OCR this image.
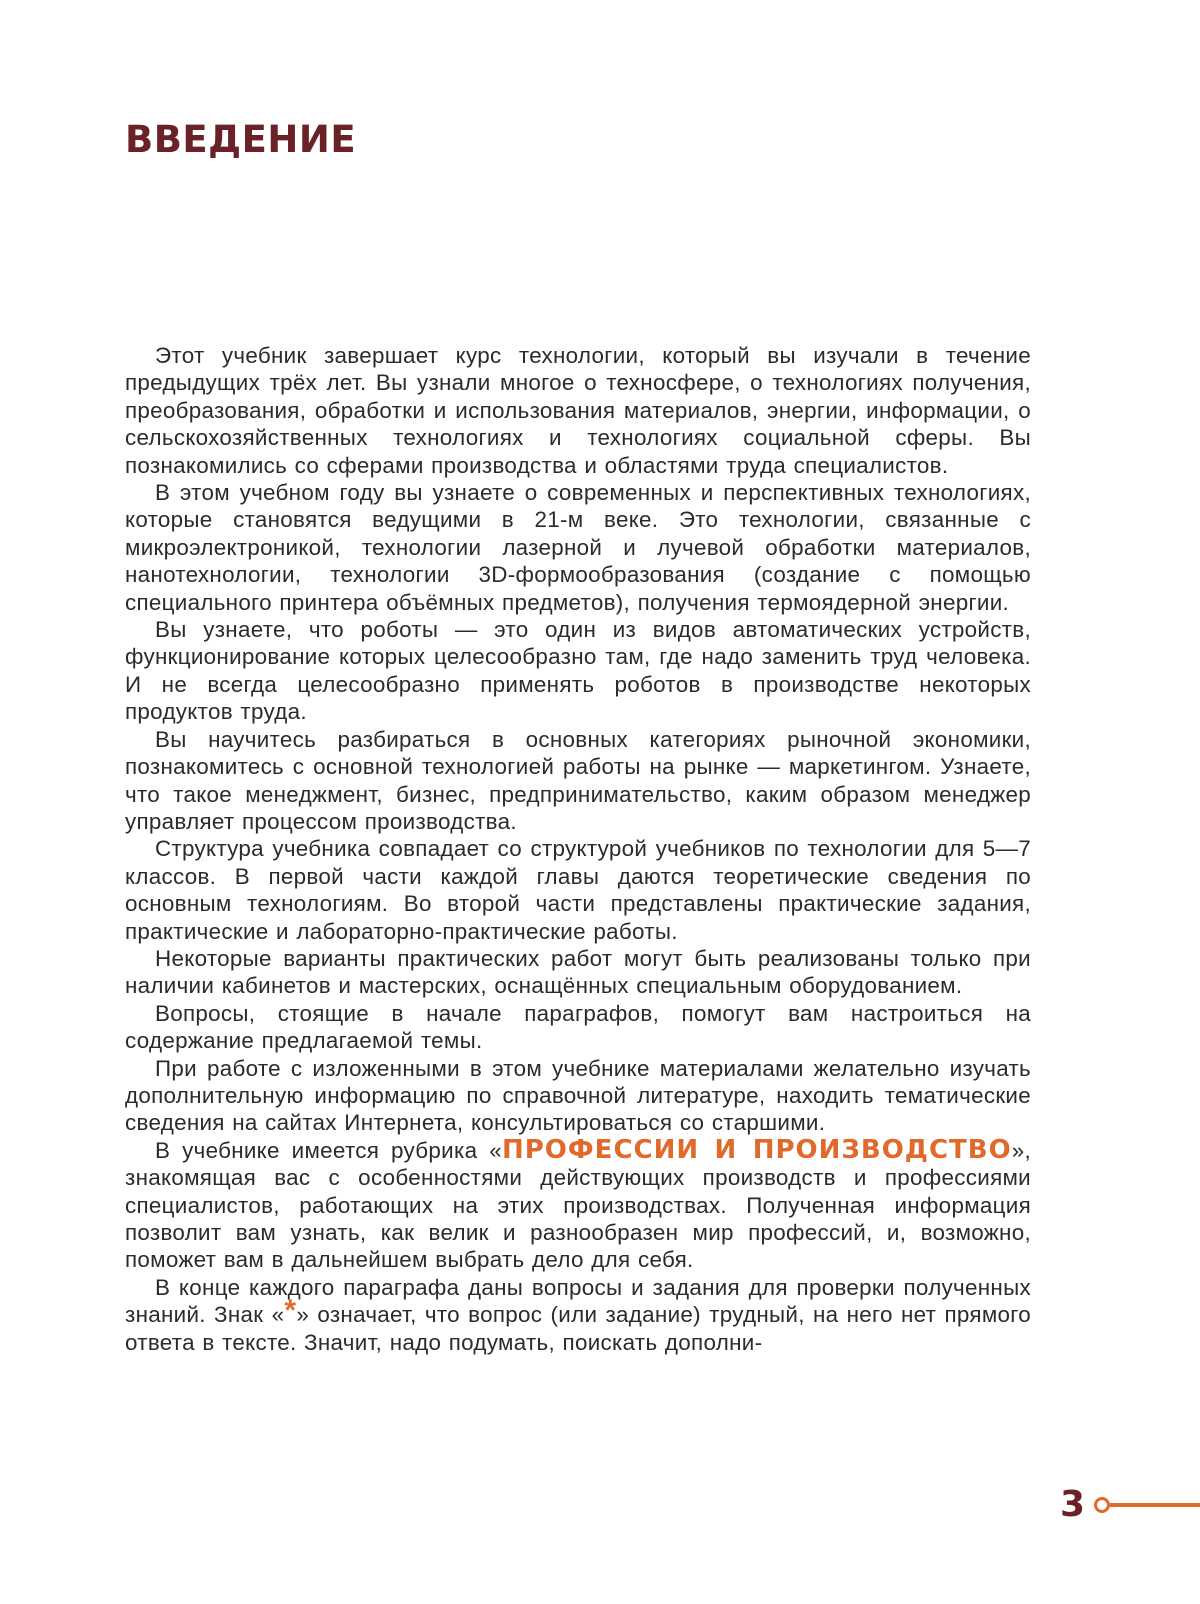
ВВЕДЕНИЕ

Этот учебник завершает курс технологии, который вы изучали в течение предыдущих трёх лет. Вы узнали многое о техносфере, о технологиях получения, преобразования, обработки и использования материалов, энергии, информации, о сельскохозяйственных технологиях и технологиях социальной сферы. Вы познакомились со сферами производства и областями труда специалистов.

В этом учебном году вы узнаете о современных и перспективных технологиях, которые становятся ведущими в 21-м веке. Это технологии, связанные с микроэлектроникой, технологии лазерной и лучевой обработки материалов, нанотехнологии, технологии 3D-формообразования (создание с помощью специального принтера объёмных предметов), получения термоядерной энергии.

Вы узнаете, что роботы — это один из видов автоматических устройств, функционирование которых целесообразно там, где надо заменить труд человека. И не всегда целесообразно применять роботов в производстве некоторых продуктов труда.

Вы научитесь разбираться в основных категориях рыночной экономики, познакомитесь с основной технологией работы на рынке — маркетингом. Узнаете, что такое менеджмент, бизнес, предпринимательство, каким образом менеджер управляет процессом производства.

Структура учебника совпадает со структурой учебников по технологии для 5—7 классов. В первой части каждой главы даются теоретические сведения по основным технологиям. Во второй части представлены практические задания, практические и лабораторно-практические работы.

Некоторые варианты практических работ могут быть реализованы только при наличии кабинетов и мастерских, оснащённых специальным оборудованием.

Вопросы, стоящие в начале параграфов, помогут вам настроиться на содержание предлагаемой темы.

При работе с изложенными в этом учебнике материалами желательно изучать дополнительную информацию по справочной литературе, находить тематические сведения на сайтах Интернета, консультироваться со старшими.

В учебнике имеется рубрика «ПРОФЕССИИ И ПРОИЗВОДСТВО», знакомящая вас с особенностями действующих производств и профессиями специалистов, работающих на этих производствах. Полученная информация позволит вам узнать, как велик и разнообразен мир профессий, и, возможно, поможет вам в дальнейшем выбрать дело для себя.

В конце каждого параграфа даны вопросы и задания для проверки полученных знаний. Знак «*» означает, что вопрос (или задание) трудный, на него нет прямого ответа в тексте. Значит, надо подумать, поискать дополни-

3
